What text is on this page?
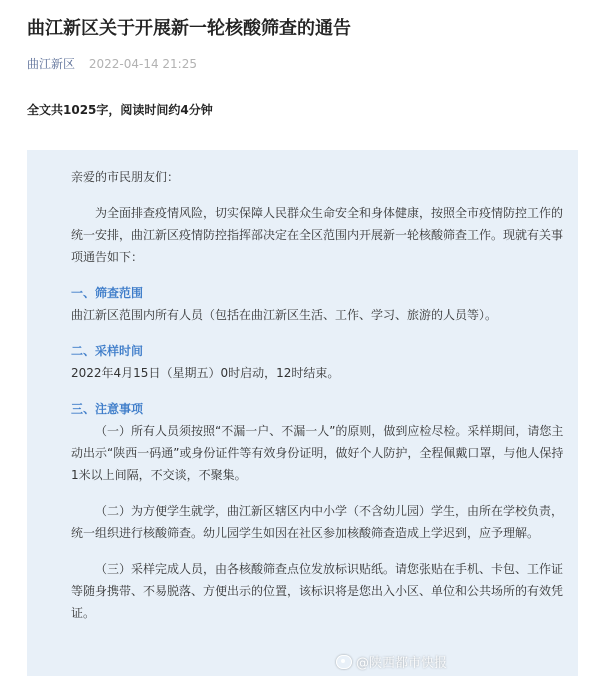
曲江新区关于开展新一轮核酸筛查的通告
曲江新区 2022-04-14 21:25
全文共1025字，阅读时间约4分钟

亲爱的市民朋友们：

为全面排查疫情风险，切实保障人民群众生命安全和身体健康，按照全市疫情防控工作的统一安排，曲江新区疫情防控指挥部决定在全区范围内开展新一轮核酸筛查工作。现就有关事项通告如下：

一、筛查范围

曲江新区范围内所有人员（包括在曲江新区生活、工作、学习、旅游的人员等）。

二、采样时间

2022年4月15日（星期五）0时启动，12时结束。

三、注意事项

（一）所有人员须按照“不漏一户、不漏一人”的原则，做到应检尽检。采样期间，请您主动出示“陕西一码通”或身份证件等有效身份证明，做好个人防护，全程佩戴口罩，与他人保持1米以上间隔，不交谈，不聚集。

（二）为方便学生就学，曲江新区辖区内中小学（不含幼儿园）学生，由所在学校负责，统一组织进行核酸筛查。幼儿园学生如因在社区参加核酸筛查造成上学迟到，应予理解。

（三）采样完成人员，由各核酸筛查点位发放标识贴纸。请您张贴在手机、卡包、工作证等随身携带、不易脱落、方便出示的位置，该标识将是您出入小区、单位和公共场所的有效凭证。

@陕西都市快报
